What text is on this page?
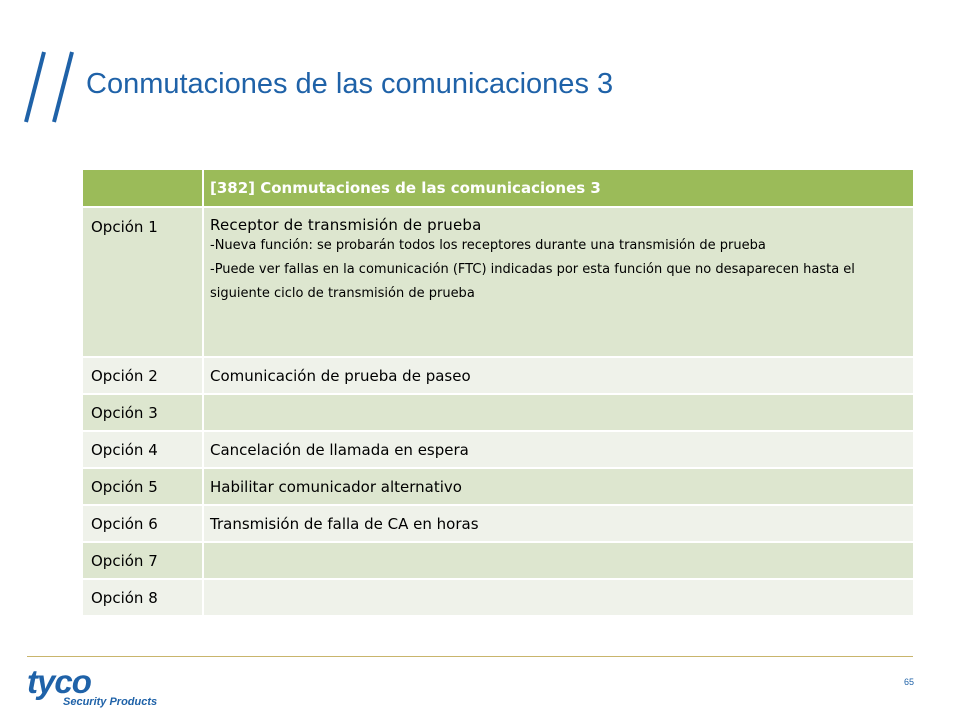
Conmutaciones de las comunicaciones 3
	[382] Conmutaciones de las comunicaciones 3
Opción 1	Receptor de transmisión de prueba
-Nueva función: se probarán todos los receptores durante una transmisión de prueba
-Puede ver fallas en la comunicación (FTC) indicadas por esta función que no desaparecen hasta el siguiente ciclo de transmisión de prueba

Opción 2	Comunicación de prueba de paseo
Opción 3	
Opción 4	Cancelación de llamada en espera
Opción 5	Habilitar comunicador alternativo
Opción 6	Transmisión de falla de CA en horas
Opción 7	
Opción 8	
tyco
Security Products
65
